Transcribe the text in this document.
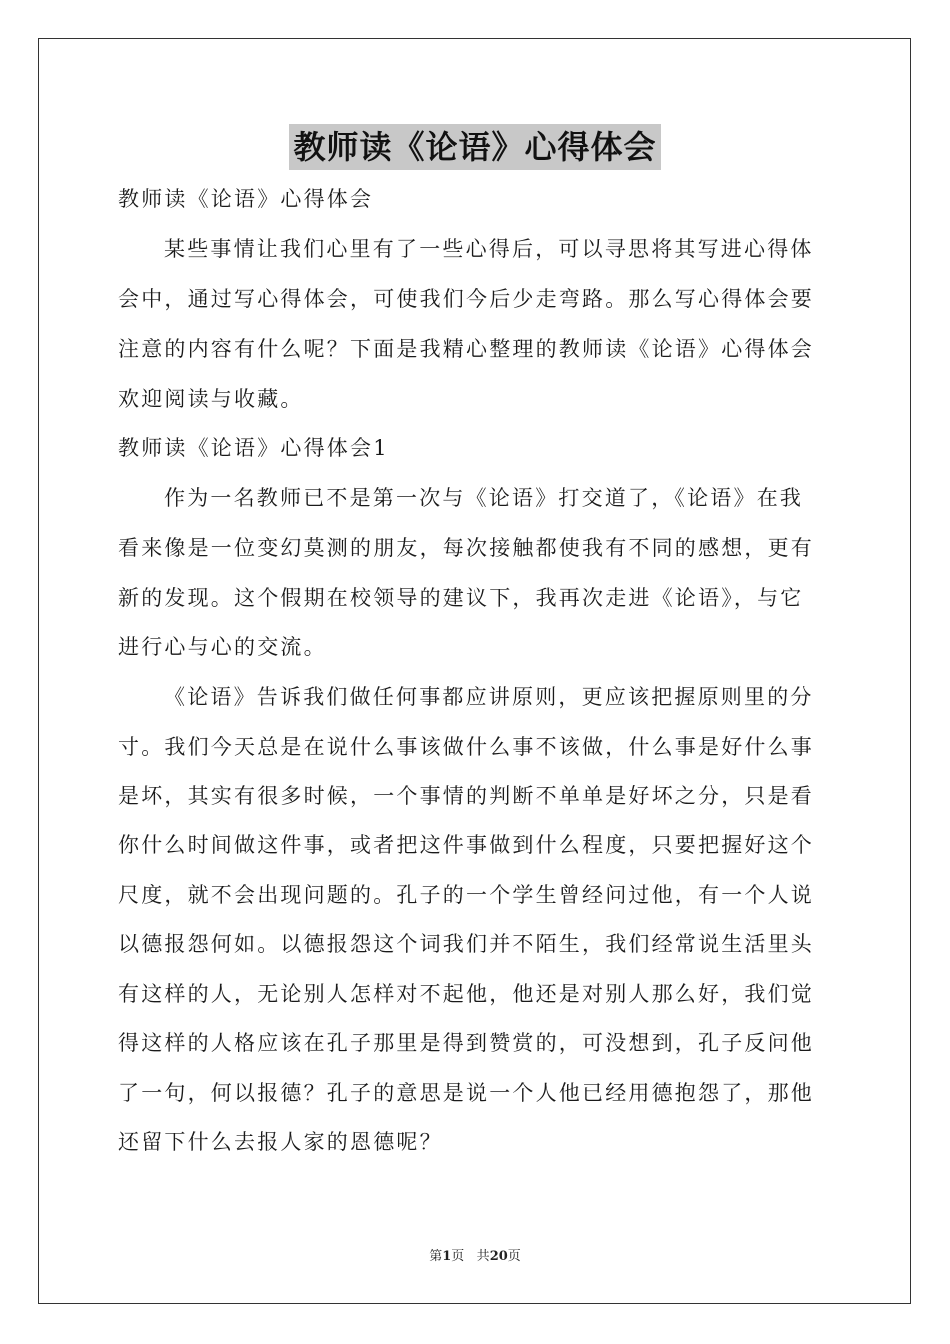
教师读《论语》心得体会
教师读《论语》心得体会
某些事情让我们心里有了一些心得后，可以寻思将其写进心得体
会中，通过写心得体会，可使我们今后少走弯路。那么写心得体会要
注意的内容有什么呢？下面是我精心整理的教师读《论语》心得体会
欢迎阅读与收藏。
教师读《论语》心得体会1
作为一名教师已不是第一次与《论语》打交道了，《论语》在我
看来像是一位变幻莫测的朋友，每次接触都使我有不同的感想，更有
新的发现。这个假期在校领导的建议下，我再次走进《论语》，与它
进行心与心的交流。
《论语》告诉我们做任何事都应讲原则，更应该把握原则里的分
寸。我们今天总是在说什么事该做什么事不该做，什么事是好什么事
是坏，其实有很多时候，一个事情的判断不单单是好坏之分，只是看
你什么时间做这件事，或者把这件事做到什么程度，只要把握好这个
尺度，就不会出现问题的。孔子的一个学生曾经问过他，有一个人说
以德报怨何如。以德报怨这个词我们并不陌生，我们经常说生活里头
有这样的人，无论别人怎样对不起他，他还是对别人那么好，我们觉
得这样的人格应该在孔子那里是得到赞赏的，可没想到，孔子反问他
了一句，何以报德？孔子的意思是说一个人他已经用德抱怨了，那他
还留下什么去报人家的恩德呢？
第1页 共20页
